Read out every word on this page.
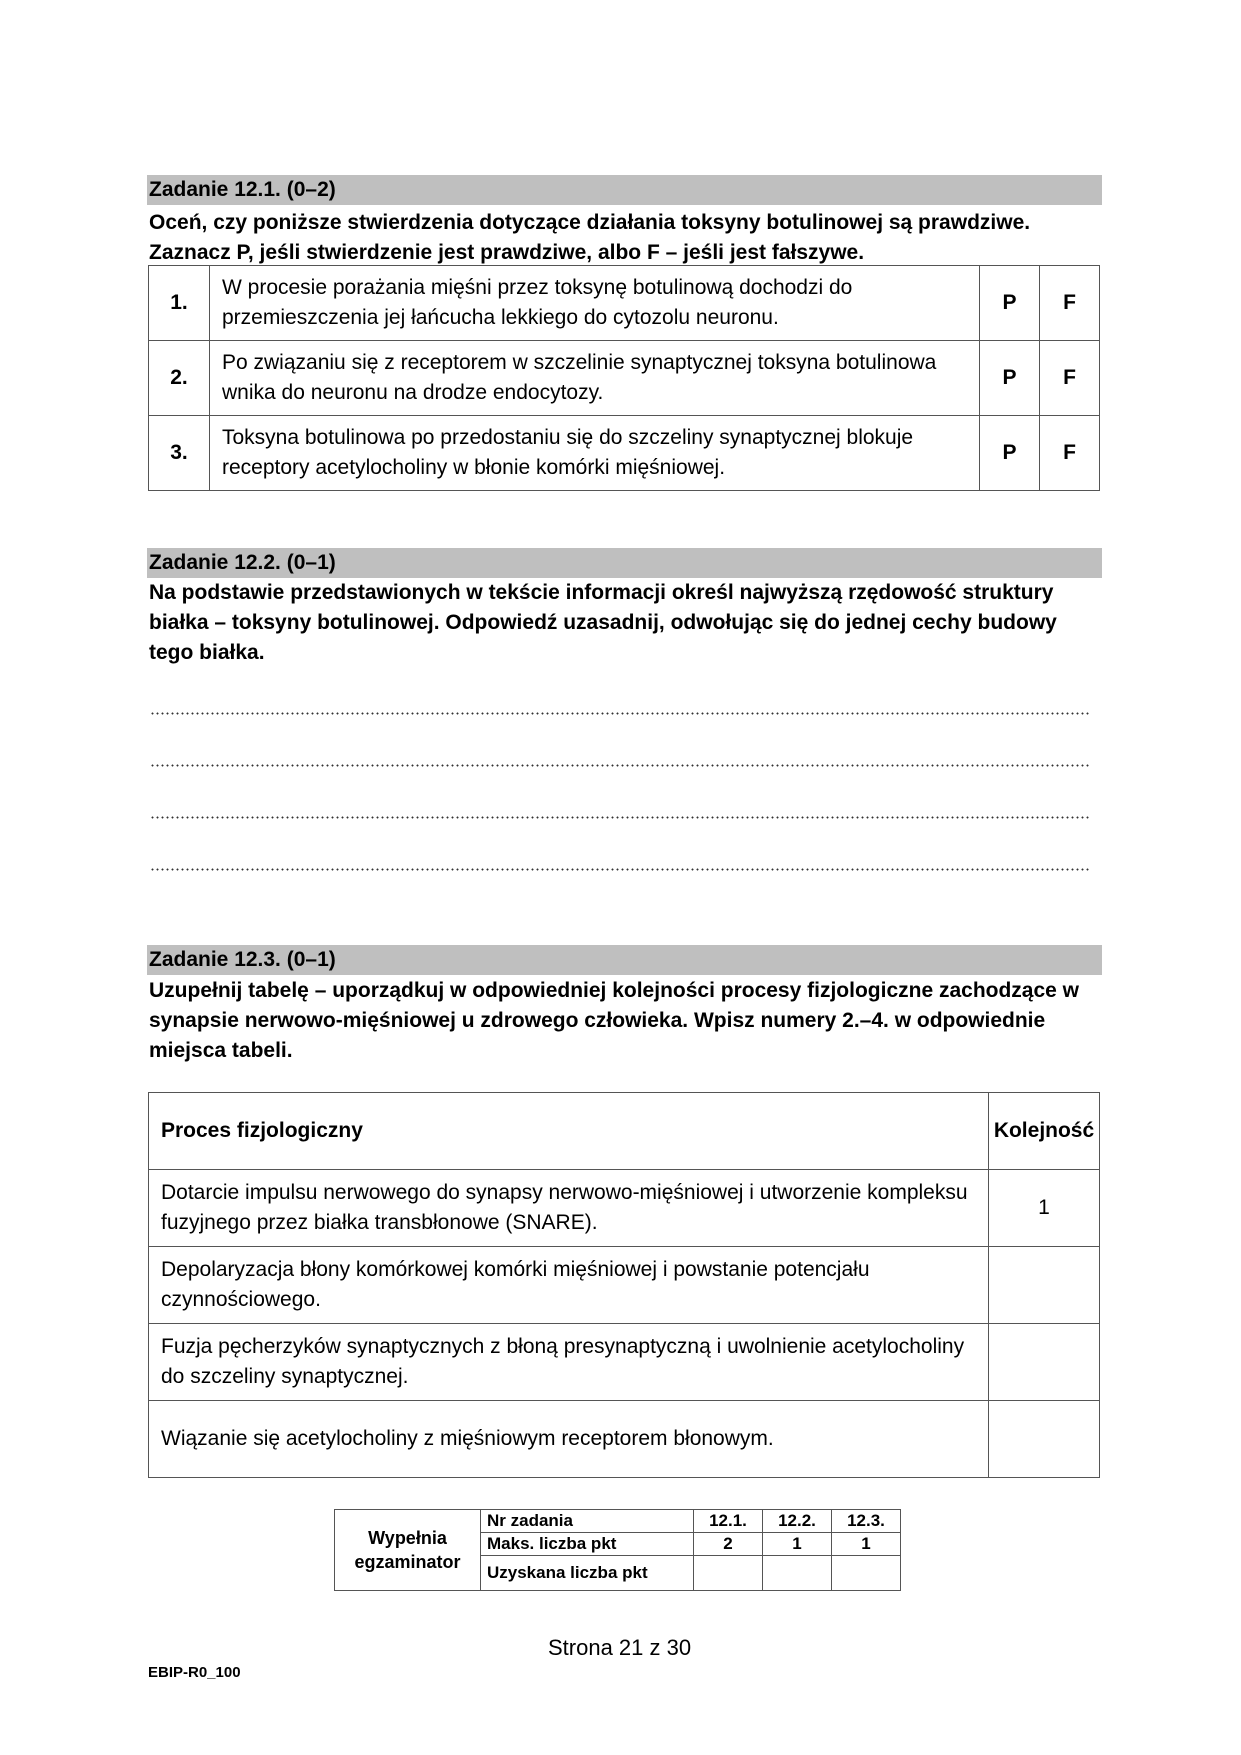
Zadanie 12.1. (0–2)
Oceń, czy poniższe stwierdzenia dotyczące działania toksyny botulinowej są prawdziwe. Zaznacz P, jeśli stwierdzenie jest prawdziwe, albo F – jeśli jest fałszywe.
1.	W procesie porażania mięśni przez toksynę botulinową dochodzi do przemieszczenia jej łańcucha lekkiego do cytozolu neuronu.	P	F
2.	Po związaniu się z receptorem w szczelinie synaptycznej toksyna botulinowa wnika do neuronu na drodze endocytozy.	P	F
3.	Toksyna botulinowa po przedostaniu się do szczeliny synaptycznej blokuje receptory acetylocholiny w błonie komórki mięśniowej.	P	F
Zadanie 12.2. (0–1)
Na podstawie przedstawionych w tekście informacji określ najwyższą rzędowość struktury białka – toksyny botulinowej. Odpowiedź uzasadnij, odwołując się do jednej cechy budowy tego białka.
Zadanie 12.3. (0–1)
Uzupełnij tabelę – uporządkuj w odpowiedniej kolejności procesy fizjologiczne zachodzące w synapsie nerwowo-mięśniowej u zdrowego człowieka. Wpisz numery 2.–4. w odpowiednie miejsca tabeli.
Proces fizjologiczny	Kolejność
Dotarcie impulsu nerwowego do synapsy nerwowo-mięśniowej i utworzenie kompleksu fuzyjnego przez białka transbłonowe (SNARE).	1
Depolaryzacja błony komórkowej komórki mięśniowej i powstanie potencjału czynnościowego.	
Fuzja pęcherzyków synaptycznych z błoną presynaptyczną i uwolnienie acetylocholiny do szczeliny synaptycznej.	
Wiązanie się acetylocholiny z mięśniowym receptorem błonowym.	
Wypełnia egzaminator	Nr zadania	12.1.	12.2.	12.3.
	Maks. liczba pkt	2	1	1
	Uzyskana liczba pkt			
Strona 21 z 30
EBIP-R0_100
